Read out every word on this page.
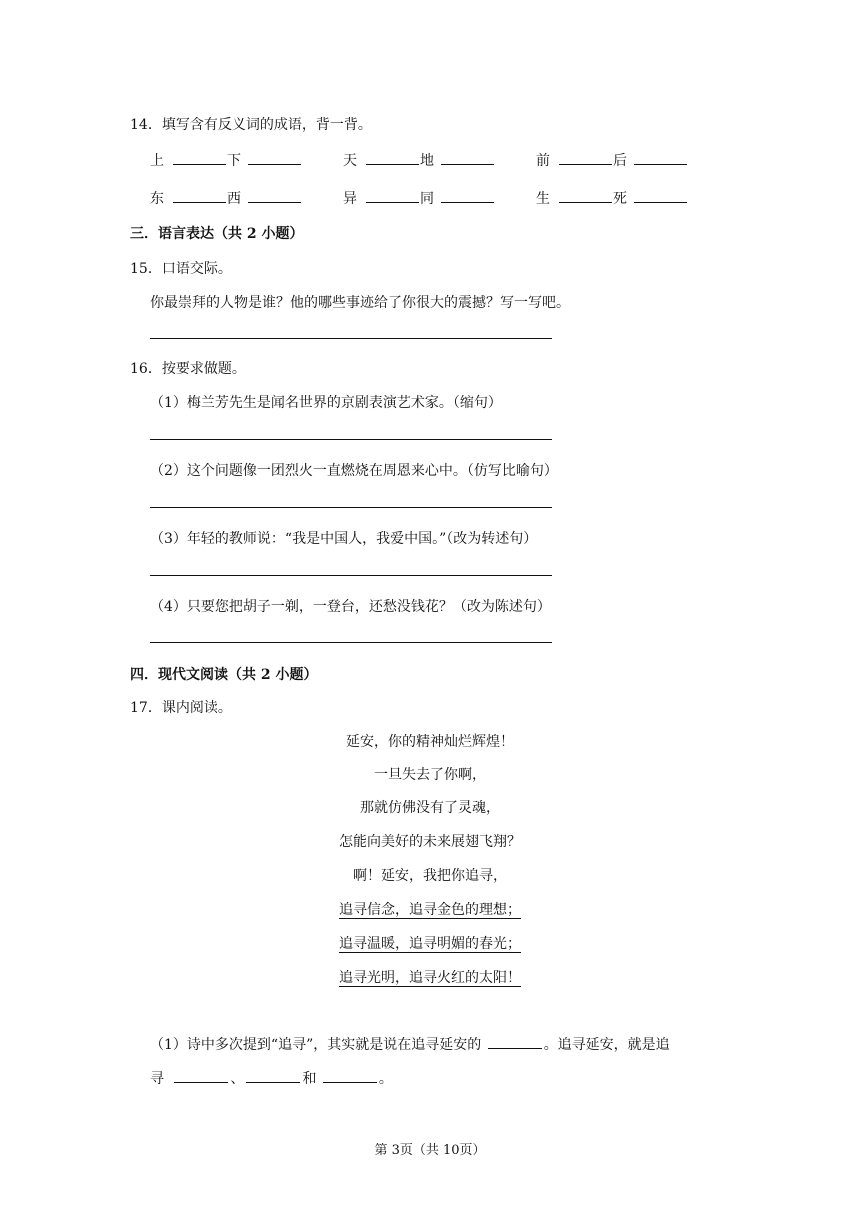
14．填写含有反义词的成语，背一背。
上	下	天	地	前	后
东	西	异	同	生	死
三．语言表达（共 2 小题）
15．口语交际。
你最崇拜的人物是谁？他的哪些事迹给了你很大的震撼？写一写吧。
16．按要求做题。
（1）梅兰芳先生是闻名世界的京剧表演艺术家。（缩句）
（2）这个问题像一团烈火一直燃烧在周恩来心中。（仿写比喻句）
（3）年轻的教师说：“我是中国人，我爱中国。”（改为转述句）
（4）只要您把胡子一剃，一登台，还愁没钱花？（改为陈述句）
四．现代文阅读（共 2 小题）
17．课内阅读。
延安，你的精神灿烂辉煌！
一旦失去了你啊，
那就仿佛没有了灵魂，
怎能向美好的未来展翅飞翔？
啊！延安，我把你追寻，
追寻信念，追寻金色的理想；
追寻温暖，追寻明媚的春光；
追寻光明，追寻火红的太阳！
（1）诗中多次提到“追寻”，其实就是说在追寻延安的	。追寻延安，就是追
寻	、	和	。
第 3页（共 10页）
